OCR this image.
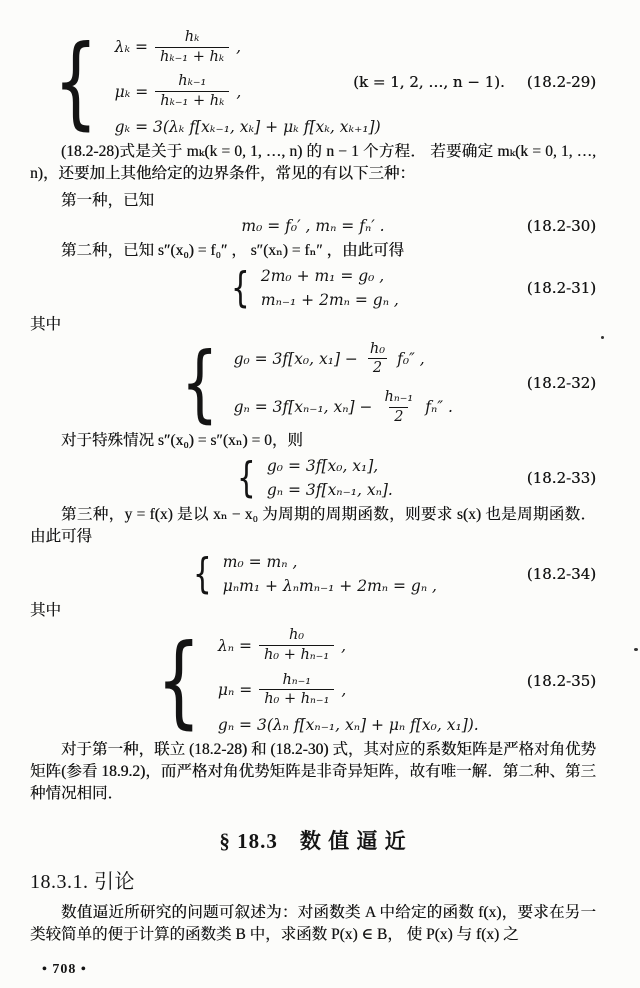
{ $\lambda_k = \frac{\text{hₖ}}{\text{hₖ₋₁ + hₖ}}$ ,
$\mu_k = \frac{\text{hₖ₋₁}}{\text{hₖ₋₁ + hₖ}}$ ,
gₖ = 3(λₖ f[xₖ₋₁, xₖ] + μₖ f[xₖ, xₖ₊₁])
(k = 1, 2, …, n − 1). (18.2-29)

(18.2-28)式是关于 mₖ(k = 0, 1, …, n) 的 n − 1 个方程． 若要确定 mₖ(k = 0, 1, …, n)，还要加上其他给定的边界条件，常见的有以下三种：

第一种，已知

m₀ = f₀′ , mₙ = fₙ′ .	(18.2-30)

第二种，已知 s″(x₀) = f₀″ ， s″(xₙ) = fₙ″ ，由此可得

{ 2m₀ + m₁ = g₀ ,
mₙ₋₁ + 2mₙ = gₙ ,
(18.2-31)

其中

{ g₀ = 3f[x₀, $x_1] - \frac{\text{h₀}}{2} f_0''$ ,
gₙ = 3f[xₙ₋₁, $x_n] - \frac{\text{hₙ₋₁}}{2} f_n''$ .
(18.2-32)

对于特殊情况 s″(x₀) = s″(xₙ) = 0，则

{ g₀ = 3f[x₀, x₁],
gₙ = 3f[xₙ₋₁, xₙ].
(18.2-33)

第三种，y = f(x) 是以 xₙ − x₀ 为周期的周期函数，则要求 s(x) 也是周期函数．由此可得

{ m₀ = mₙ ,
μₙm₁ + λₙmₙ₋₁ + 2mₙ = gₙ ,
(18.2-34)

其中

{ $\lambda_n = \frac{\text{h₀}}{\text{h₀ + hₙ₋₁}}$ ,
$\mu_n = \frac{\text{hₙ₋₁}}{\text{h₀ + hₙ₋₁}}$ ,
gₙ = 3(λₙ f[xₙ₋₁, xₙ] + μₙ f[x₀, x₁]).
(18.2-35)

对于第一种，联立 (18.2-28) 和 (18.2-30) 式，其对应的系数矩阵是严格对角优势矩阵(参看 18.9.2)，而严格对角优势矩阵是非奇异矩阵，故有唯一解．第二种、第三种情况相同．

§ 18.3　数 值 逼 近
18.3.1. 引论

数值逼近所研究的问题可叙述为：对函数类 A 中给定的函数 f(x)，要求在另一类较简单的便于计算的函数类 B 中，求函数 P(x) ∈ B， 使 P(x) 与 f(x) 之

• 708 •
